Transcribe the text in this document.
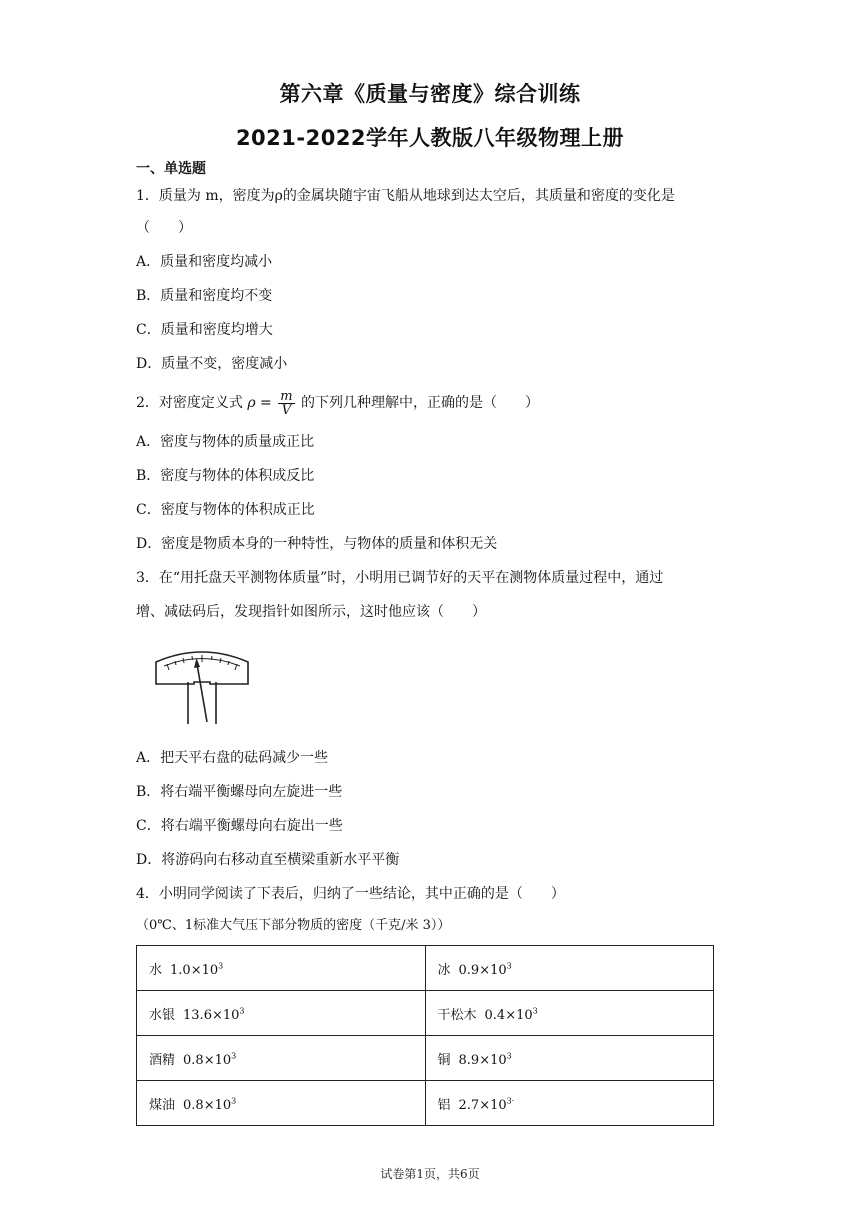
第六章《质量与密度》综合训练
2021-2022学年人教版八年级物理上册
一、单选题
1．质量为 m，密度为ρ的金属块随宇宙飞船从地球到达太空后，其质量和密度的变化是
（　　）
A．质量和密度均减小
B．质量和密度均不变
C．质量和密度均增大
D．质量不变，密度减小
2．对密度定义式 $\rho = \frac{m}{V}$ 的下列几种理解中，正确的是（　　）
A．密度与物体的质量成正比
B．密度与物体的体积成反比
C．密度与物体的体积成正比
D．密度是物质本身的一种特性，与物体的质量和体积无关
3．在“用托盘天平测物体质量”时，小明用已调节好的天平在测物体质量过程中，通过
增、减砝码后，发现指针如图所示，这时他应该（　　）
A．把天平右盘的砝码减少一些
B．将右端平衡螺母向左旋进一些
C．将右端平衡螺母向右旋出一些
D．将游码向右移动直至横梁重新水平平衡
4．小明同学阅读了下表后，归纳了一些结论，其中正确的是（　　）
（0℃、1标准大气压下部分物质的密度（千克/米 3））
水 $1.0\times 10^3$	冰 $0.9\times 10^3$
水银 $13.6\times 10^3$	干松木 $0.4\times 10^3$
酒精 $0.8\times 10^3$	铜 $8.9\times 10^3$
煤油 $0.8\times 10^3$	铝 $2.7\times 10^{3\cdot}$
试卷第1页，共6页
